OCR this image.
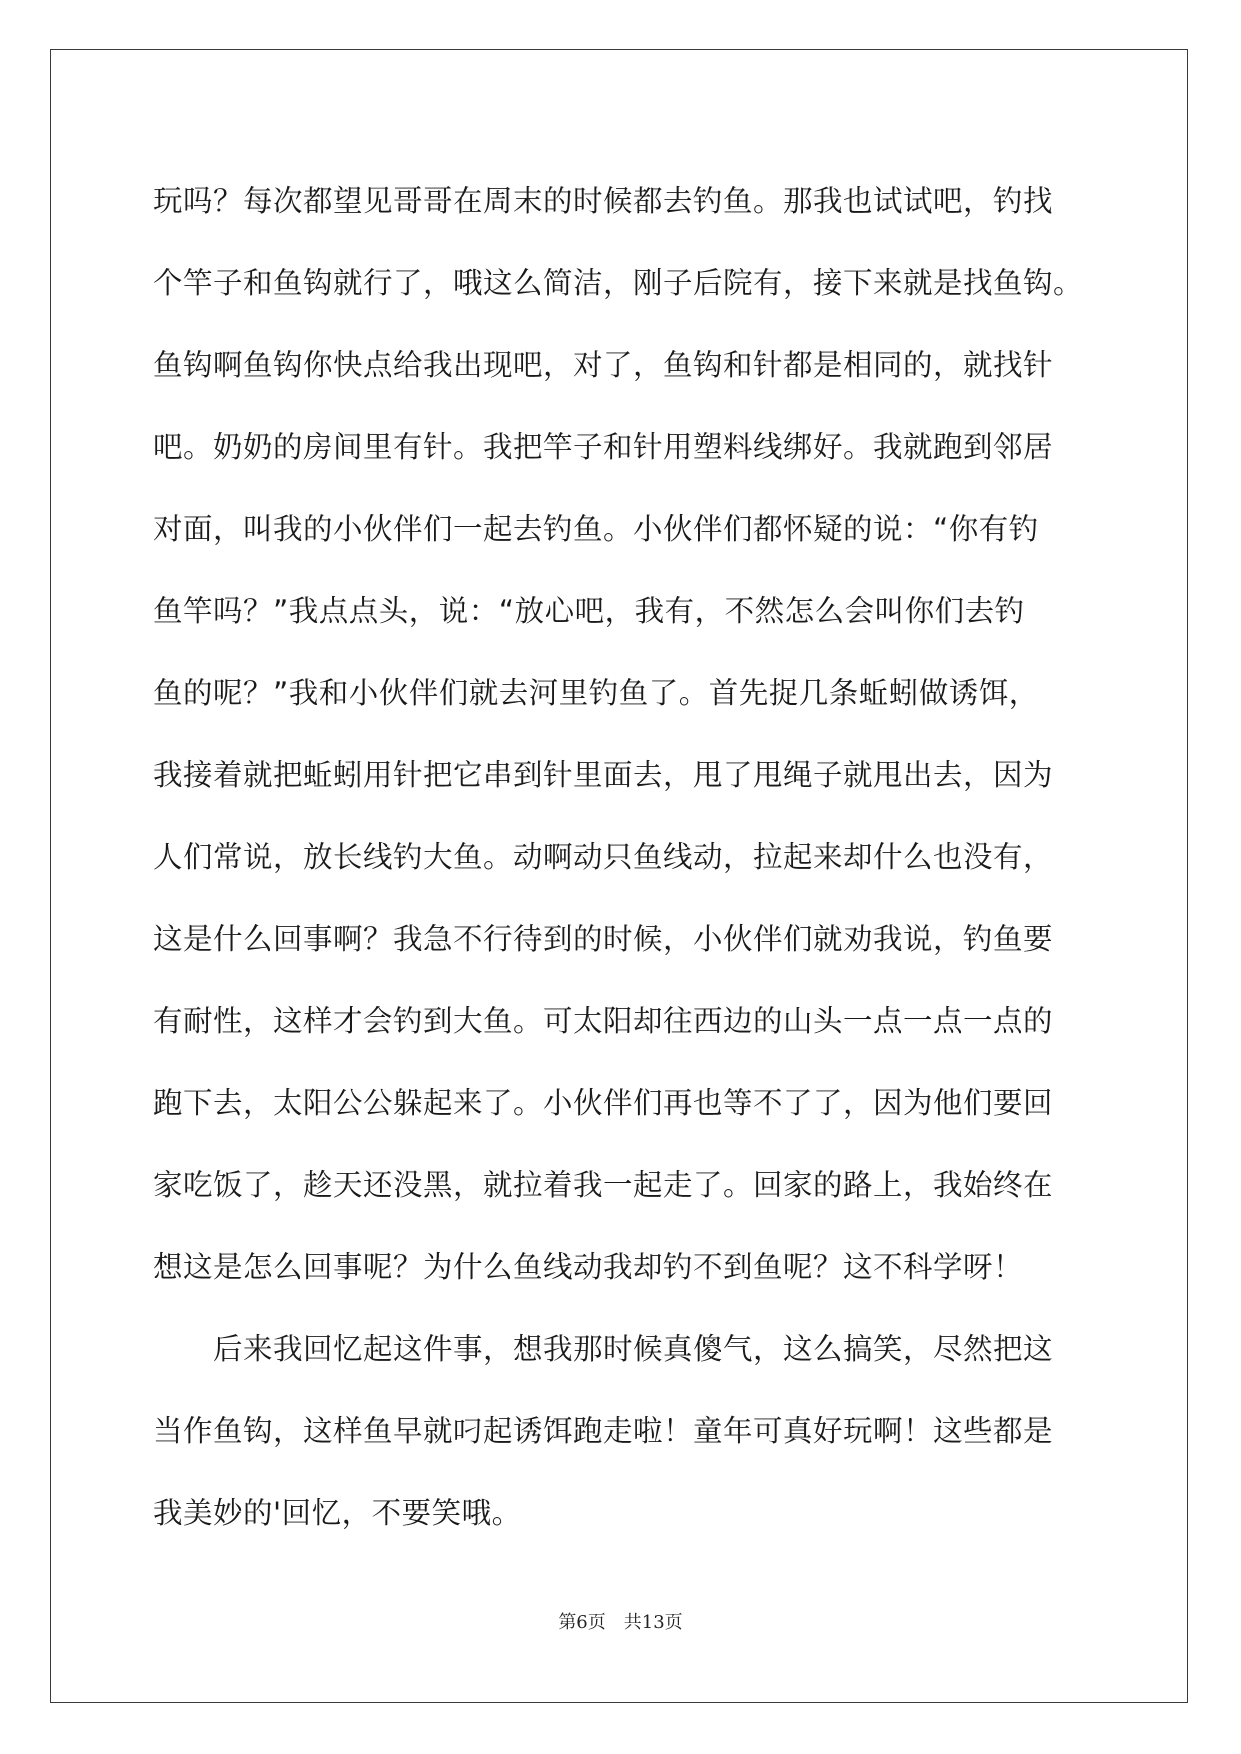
玩吗？每次都望见哥哥在周末的时候都去钓鱼。那我也试试吧，钓找
个竿子和鱼钩就行了，哦这么简洁，刚子后院有，接下来就是找鱼钩。
鱼钩啊鱼钩你快点给我出现吧，对了，鱼钩和针都是相同的，就找针
吧。奶奶的房间里有针。我把竿子和针用塑料线绑好。我就跑到邻居
对面，叫我的小伙伴们一起去钓鱼。小伙伴们都怀疑的说：“你有钓
鱼竿吗？”我点点头，说：“放心吧，我有，不然怎么会叫你们去钓
鱼的呢？”我和小伙伴们就去河里钓鱼了。首先捉几条蚯蚓做诱饵，
我接着就把蚯蚓用针把它串到针里面去，甩了甩绳子就甩出去，因为
人们常说，放长线钓大鱼。动啊动只鱼线动，拉起来却什么也没有，
这是什么回事啊？我急不行待到的时候，小伙伴们就劝我说，钓鱼要
有耐性，这样才会钓到大鱼。可太阳却往西边的山头一点一点一点的
跑下去，太阳公公躲起来了。小伙伴们再也等不了了，因为他们要回
家吃饭了，趁天还没黑，就拉着我一起走了。回家的路上，我始终在
想这是怎么回事呢？为什么鱼线动我却钓不到鱼呢？这不科学呀！
后来我回忆起这件事，想我那时候真傻气，这么搞笑，尽然把这
当作鱼钩，这样鱼早就叼起诱饵跑走啦！童年可真好玩啊！这些都是
我美妙的'回忆，不要笑哦。
第6页 共13页
